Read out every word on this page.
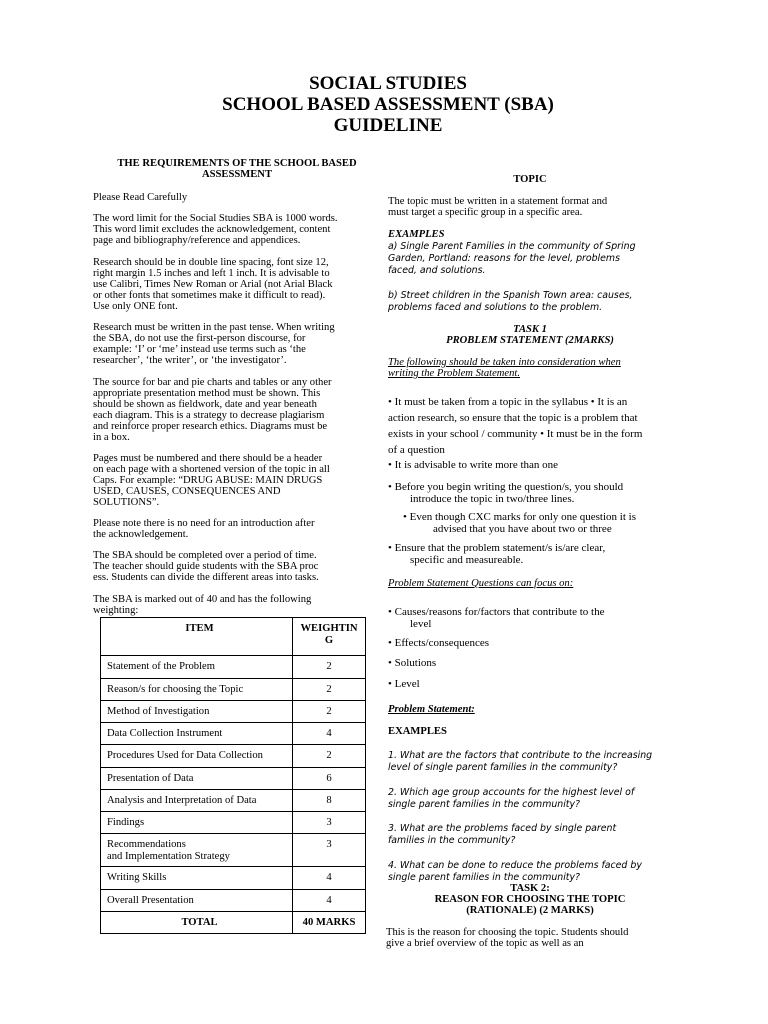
SOCIAL STUDIES

SCHOOL BASED ASSESSMENT (SBA)

GUIDELINE

THE REQUIREMENTS OF THE SCHOOL BASED

ASSESSMENT

Please Read Carefully

The word limit for the Social Studies SBA is 1000 words.

This word limit excludes the acknowledgement, content

page and bibliography/reference and appendices.

Research should be in double line spacing, font size 12,

right margin 1.5 inches and left 1 inch. It is advisable to

use Calibri, Times New Roman or Arial (not Arial Black

or other fonts that sometimes make it difficult to read).

Use only ONE font.

Research must be written in the past tense. When writing

the SBA, do not use the first-person discourse, for

example: ‘I’ or ‘me’ instead use terms such as ‘the

researcher’, ‘the writer’, or ‘the investigator’.

The source for bar and pie charts and tables or any other

appropriate presentation method must be shown. This

should be shown as fieldwork, date and year beneath

each diagram. This is a strategy to decrease plagiarism

and reinforce proper research ethics. Diagrams must be

in a box.

Pages must be numbered and there should be a header

on each page with a shortened version of the topic in all

Caps. For example: “DRUG ABUSE: MAIN DRUGS

USED, CAUSES, CONSEQUENCES AND

SOLUTIONS”.

Please note there is no need for an introduction after

the acknowledgement.

The SBA should be completed over a period of time.

The teacher should guide students with the SBA proc

ess. Students can divide the different areas into tasks.

The SBA is marked out of 40 and has the following

weighting:

ITEM	WEIGHTIN
G
Statement of the Problem	2
Reason/s for choosing the Topic	2
Method of Investigation	2
Data Collection Instrument	4
Procedures Used for Data Collection	2
Presentation of Data	6
Analysis and Interpretation of Data	8
Findings	3
Recommendations
and Implementation Strategy	3
Writing Skills	4
Overall Presentation	4
TOTAL	40 MARKS

TOPIC

The topic must be written in a statement format and

must target a specific group in a specific area.

EXAMPLES

a) Single Parent Families in the community of Spring

Garden, Portland: reasons for the level, problems

faced, and solutions.

b) Street children in the Spanish Town area: causes,

problems faced and solutions to the problem.

TASK 1

PROBLEM STATEMENT (2MARKS)

The following should be taken into consideration when

writing the Problem Statement.

• It must be taken from a topic in the syllabus • It is an

action research, so ensure that the topic is a problem that

exists in your school / community • It must be in the form

of a question

• It is advisable to write more than one

• Before you begin writing the question/s, you should

introduce the topic in two/three lines.

• Even though CXC marks for only one question it is

advised that you have about two or three

• Ensure that the problem statement/s is/are clear,

specific and measureable.

Problem Statement Questions can focus on:

• Causes/reasons for/factors that contribute to the

level

• Effects/consequences

• Solutions

• Level

Problem Statement:

EXAMPLES

1. What are the factors that contribute to the increasing

level of single parent families in the community?

2. Which age group accounts for the highest level of

single parent families in the community?

3. What are the problems faced by single parent

families in the community?

4. What can be done to reduce the problems faced by

single parent families in the community?

TASK 2:

REASON FOR CHOOSING THE TOPIC

(RATIONALE) (2 MARKS)

This is the reason for choosing the topic. Students should

give a brief overview of the topic as well as an
